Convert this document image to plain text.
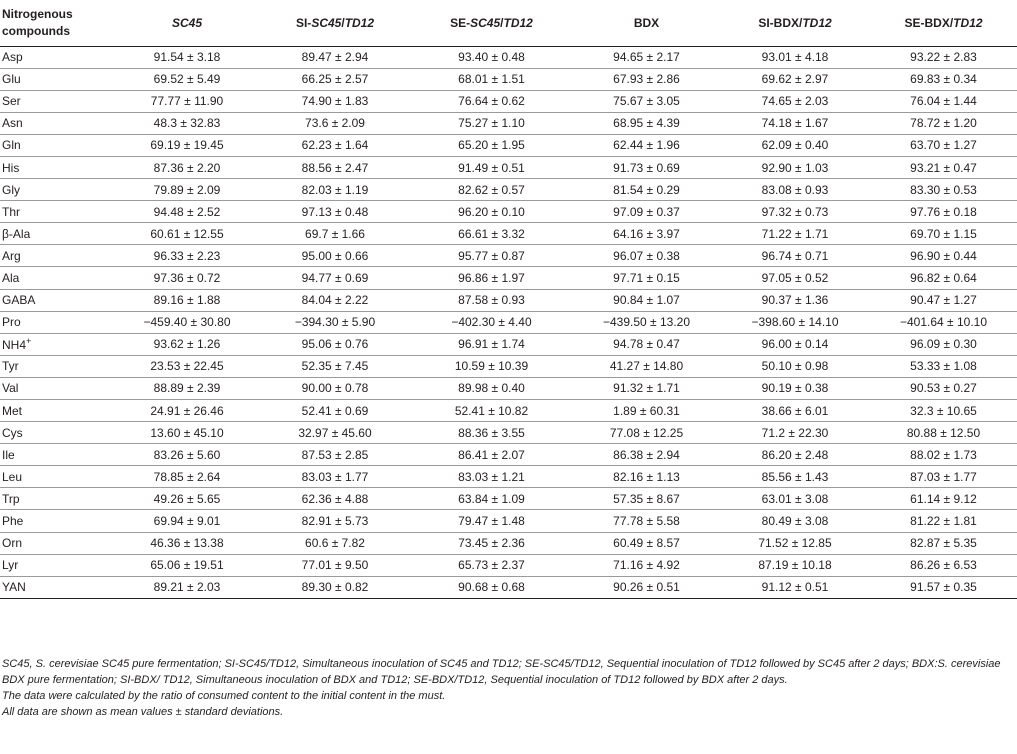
Nitrogenous compounds	SC45	SI-SC45/TD12	SE-SC45/TD12	BDX	SI-BDX/TD12	SE-BDX/TD12
Asp	91.54 ± 3.18	89.47 ± 2.94	93.40 ± 0.48	94.65 ± 2.17	93.01 ± 4.18	93.22 ± 2.83
Glu	69.52 ± 5.49	66.25 ± 2.57	68.01 ± 1.51	67.93 ± 2.86	69.62 ± 2.97	69.83 ± 0.34
Ser	77.77 ± 11.90	74.90 ± 1.83	76.64 ± 0.62	75.67 ± 3.05	74.65 ± 2.03	76.04 ± 1.44
Asn	48.3 ± 32.83	73.6 ± 2.09	75.27 ± 1.10	68.95 ± 4.39	74.18 ± 1.67	78.72 ± 1.20
Gln	69.19 ± 19.45	62.23 ± 1.64	65.20 ± 1.95	62.44 ± 1.96	62.09 ± 0.40	63.70 ± 1.27
His	87.36 ± 2.20	88.56 ± 2.47	91.49 ± 0.51	91.73 ± 0.69	92.90 ± 1.03	93.21 ± 0.47
Gly	79.89 ± 2.09	82.03 ± 1.19	82.62 ± 0.57	81.54 ± 0.29	83.08 ± 0.93	83.30 ± 0.53
Thr	94.48 ± 2.52	97.13 ± 0.48	96.20 ± 0.10	97.09 ± 0.37	97.32 ± 0.73	97.76 ± 0.18
β-Ala	60.61 ± 12.55	69.7 ± 1.66	66.61 ± 3.32	64.16 ± 3.97	71.22 ± 1.71	69.70 ± 1.15
Arg	96.33 ± 2.23	95.00 ± 0.66	95.77 ± 0.87	96.07 ± 0.38	96.74 ± 0.71	96.90 ± 0.44
Ala	97.36 ± 0.72	94.77 ± 0.69	96.86 ± 1.97	97.71 ± 0.15	97.05 ± 0.52	96.82 ± 0.64
GABA	89.16 ± 1.88	84.04 ± 2.22	87.58 ± 0.93	90.84 ± 1.07	90.37 ± 1.36	90.47 ± 1.27
Pro	−459.40 ± 30.80	−394.30 ± 5.90	−402.30 ± 4.40	−439.50 ± 13.20	−398.60 ± 14.10	−401.64 ± 10.10
NH4+	93.62 ± 1.26	95.06 ± 0.76	96.91 ± 1.74	94.78 ± 0.47	96.00 ± 0.14	96.09 ± 0.30
Tyr	23.53 ± 22.45	52.35 ± 7.45	10.59 ± 10.39	41.27 ± 14.80	50.10 ± 0.98	53.33 ± 1.08
Val	88.89 ± 2.39	90.00 ± 0.78	89.98 ± 0.40	91.32 ± 1.71	90.19 ± 0.38	90.53 ± 0.27
Met	24.91 ± 26.46	52.41 ± 0.69	52.41 ± 10.82	1.89 ± 60.31	38.66 ± 6.01	32.3 ± 10.65
Cys	13.60 ± 45.10	32.97 ± 45.60	88.36 ± 3.55	77.08 ± 12.25	71.2 ± 22.30	80.88 ± 12.50
Ile	83.26 ± 5.60	87.53 ± 2.85	86.41 ± 2.07	86.38 ± 2.94	86.20 ± 2.48	88.02 ± 1.73
Leu	78.85 ± 2.64	83.03 ± 1.77	83.03 ± 1.21	82.16 ± 1.13	85.56 ± 1.43	87.03 ± 1.77
Trp	49.26 ± 5.65	62.36 ± 4.88	63.84 ± 1.09	57.35 ± 8.67	63.01 ± 3.08	61.14 ± 9.12
Phe	69.94 ± 9.01	82.91 ± 5.73	79.47 ± 1.48	77.78 ± 5.58	80.49 ± 3.08	81.22 ± 1.81
Orn	46.36 ± 13.38	60.6 ± 7.82	73.45 ± 2.36	60.49 ± 8.57	71.52 ± 12.85	82.87 ± 5.35
Lyr	65.06 ± 19.51	77.01 ± 9.50	65.73 ± 2.37	71.16 ± 4.92	87.19 ± 10.18	86.26 ± 6.53
YAN	89.21 ± 2.03	89.30 ± 0.82	90.68 ± 0.68	90.26 ± 0.51	91.12 ± 0.51	91.57 ± 0.35

SC45, S. cerevisiae SC45 pure fermentation; SI-SC45/TD12, Simultaneous inoculation of SC45 and TD12; SE-SC45/TD12, Sequential inoculation of TD12 followed by SC45 after 2 days; BDX:S. cerevisiae BDX pure fermentation; SI-BDX/ TD12, Simultaneous inoculation of BDX and TD12; SE-BDX/TD12, Sequential inoculation of TD12 followed by BDX after 2 days.

The data were calculated by the ratio of consumed content to the initial content in the must.

All data are shown as mean values ± standard deviations.
